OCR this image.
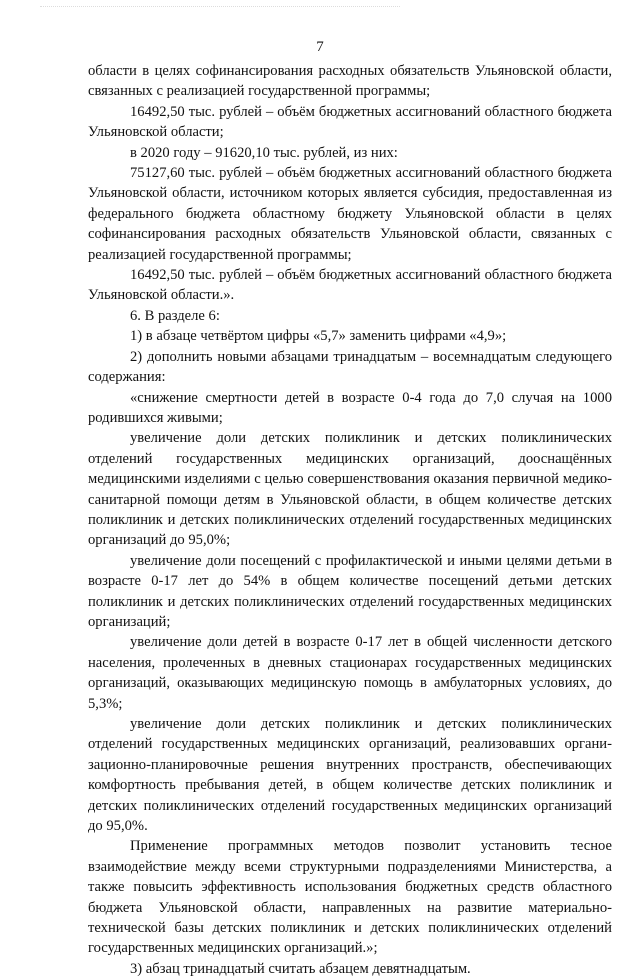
7

области в целях софинансирования расходных обязательств Ульяновской области, связанных с реализацией государственной программы;

16492,50 тыс. рублей – объём бюджетных ассигнований областного бюджета Ульяновской области;

в 2020 году – 91620,10 тыс. рублей, из них:

75127,60 тыс. рублей – объём бюджетных ассигнований областного бюджета Ульяновской области, источником которых является субсидия, предоставленная из федерального бюджета областному бюджету Ульяновской области в целях софинансирования расходных обязательств Ульяновской области, связанных с реализацией государственной программы;

16492,50 тыс. рублей – объём бюджетных ассигнований областного бюджета Ульяновской области.».

6. В разделе 6:

1) в абзаце четвёртом цифры «5,7» заменить цифрами «4,9»;

2) дополнить новыми абзацами тринадцатым – восемнадцатым следующего содержания:

«снижение смертности детей в возрасте 0-4 года до 7,0 случая на 1000 родившихся живыми;

увеличение доли детских поликлиник и детских поликлинических отделений государственных медицинских организаций, дооснащённых медицинскими изделиями с целью совершенствования оказания первичной медико-санитарной помощи детям в Ульяновской области, в общем количестве детских поликлиник и детских поликлинических отделений государственных медицинских организаций до 95,0%;

увеличение доли посещений с профилактической и иными целями детьми в возрасте 0-17 лет до 54% в общем количестве посещений детьми детских поликлиник и детских поликлинических отделений государственных медицинских организаций;

увеличение доли детей в возрасте 0-17 лет в общей численности детского населения, пролеченных в дневных стационарах государственных медицинских организаций, оказывающих медицинскую помощь в амбулаторных условиях, до 5,3%;

увеличение доли детских поликлиник и детских поликлинических отделений государственных медицинских организаций, реализовавших организационно-планировочные решения внутренних пространств, обеспечивающих комфортность пребывания детей, в общем количестве детских поликлиник и детских поликлинических отделений государственных медицинских организаций до 95,0%.

Применение программных методов позволит установить тесное взаимодействие между всеми структурными подразделениями Министерства, а также повысить эффективность использования бюджетных средств областного бюджета Ульяновской области, направленных на развитие материально-технической базы детских поликлиник и детских поликлинических отделений государственных медицинских организаций.»;

3) абзац тринадцатый считать абзацем девятнадцатым.
